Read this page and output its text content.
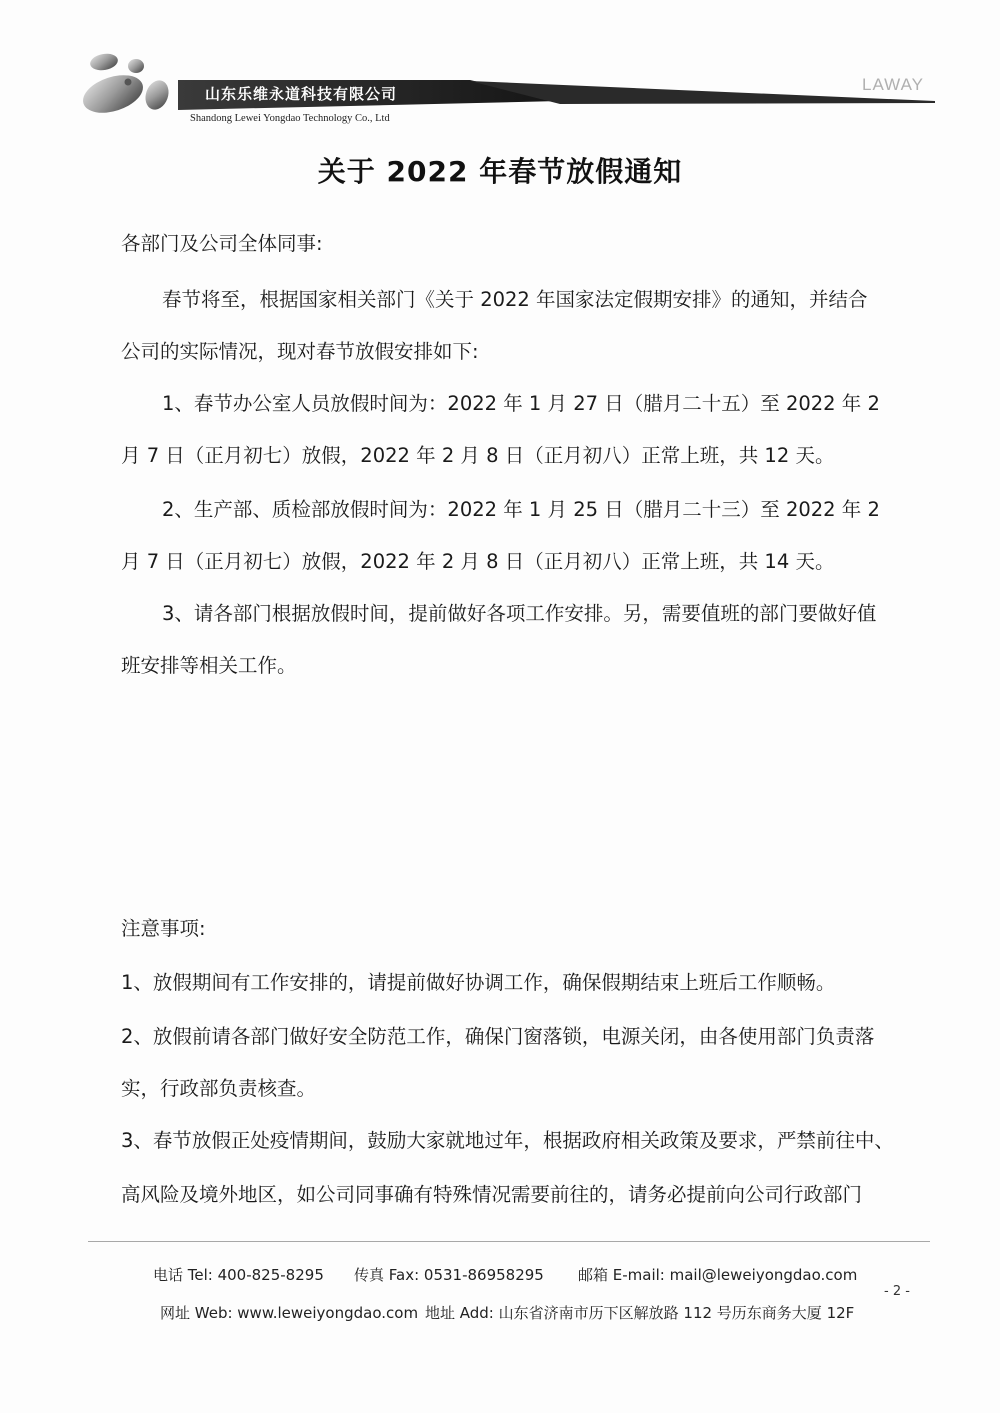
山东乐维永道科技有限公司
Shandong Lewei Yongdao Technology Co., Ltd
LAWAY
关于 2022 年春节放假通知
各部门及公司全体同事:
春节将至，根据国家相关部门《关于 2022 年国家法定假期安排》的通知，并结合
公司的实际情况，现对春节放假安排如下:
1、春节办公室人员放假时间为：2022 年 1 月 27 日（腊月二十五）至 2022 年 2
月 7 日（正月初七）放假，2022 年 2 月 8 日（正月初八）正常上班，共 12 天。
2、生产部、质检部放假时间为：2022 年 1 月 25 日（腊月二十三）至 2022 年 2
月 7 日（正月初七）放假，2022 年 2 月 8 日（正月初八）正常上班，共 14 天。
3、请各部门根据放假时间，提前做好各项工作安排。另，需要值班的部门要做好值
班安排等相关工作。
注意事项:
1、放假期间有工作安排的，请提前做好协调工作，确保假期结束上班后工作顺畅。
2、放假前请各部门做好安全防范工作，确保门窗落锁，电源关闭，由各使用部门负责落
实，行政部负责核查。
3、春节放假正处疫情期间，鼓励大家就地过年，根据政府相关政策及要求，严禁前往中、
高风险及境外地区，如公司同事确有特殊情况需要前往的，请务必提前向公司行政部门
电话 Tel: 400-825-8295 传真 Fax: 0531-86958295 邮箱 E-mail: mail@leweiyongdao.com
网址 Web: www.leweiyongdao.com 地址 Add: 山东省济南市历下区解放路 112 号历东商务大厦 12F
- 2 -
